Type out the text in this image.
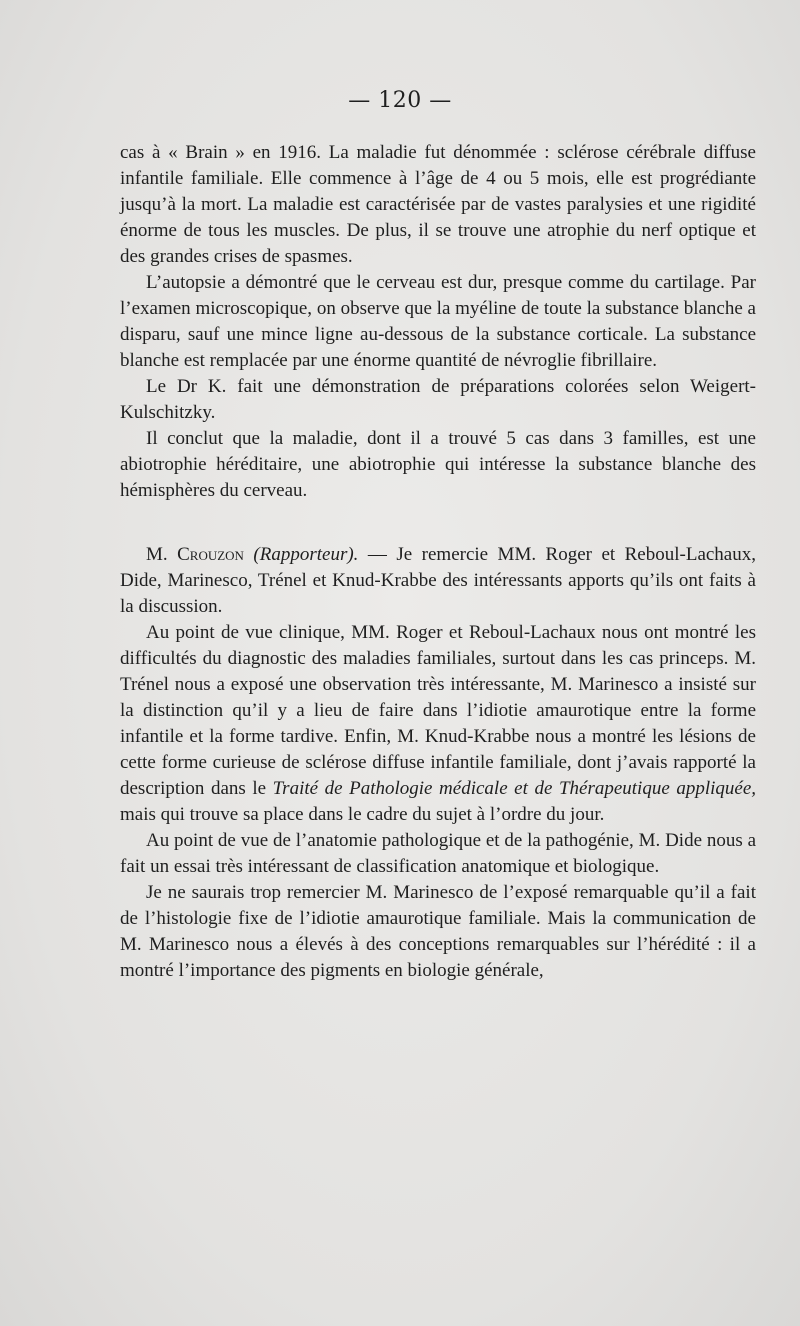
— 120 —

cas à « Brain » en 1916. La maladie fut dénommée : sclérose cérébrale diffuse infantile familiale. Elle commence à l’âge de 4 ou 5 mois, elle est progrédiante jusqu’à la mort. La maladie est caractérisée par de vastes paralysies et une rigidité énorme de tous les muscles. De plus, il se trouve une atrophie du nerf optique et des grandes crises de spasmes.

L’autopsie a démontré que le cerveau est dur, presque comme du cartilage. Par l’examen microscopique, on observe que la myéline de toute la substance blanche a disparu, sauf une mince ligne au-dessous de la substance corticale. La substance blanche est remplacée par une énorme quantité de névroglie fibrillaire.

Le Dr K. fait une démonstration de préparations colorées selon Weigert-Kulschitzky.

Il conclut que la maladie, dont il a trouvé 5 cas dans 3 familles, est une abiotrophie héréditaire, une abiotrophie qui intéresse la substance blanche des hémisphères du cerveau.

M. Crouzon (Rapporteur). — Je remercie MM. Roger et Reboul-Lachaux, Dide, Marinesco, Trénel et Knud-Krabbe des intéressants apports qu’ils ont faits à la discussion.

Au point de vue clinique, MM. Roger et Reboul-Lachaux nous ont montré les difficultés du diagnostic des maladies familiales, surtout dans les cas princeps. M. Trénel nous a exposé une observation très intéressante, M. Marinesco a insisté sur la distinction qu’il y a lieu de faire dans l’idiotie amaurotique entre la forme infantile et la forme tardive. Enfin, M. Knud-Krabbe nous a montré les lésions de cette forme curieuse de sclérose diffuse infantile familiale, dont j’avais rapporté la description dans le Traité de Pathologie médicale et de Thérapeutique appliquée, mais qui trouve sa place dans le cadre du sujet à l’ordre du jour.

Au point de vue de l’anatomie pathologique et de la pathogénie, M. Dide nous a fait un essai très intéressant de classification anatomique et biologique.

Je ne saurais trop remercier M. Marinesco de l’exposé remarquable qu’il a fait de l’histologie fixe de l’idiotie amaurotique familiale. Mais la communication de M. Marinesco nous a élevés à des conceptions remarquables sur l’hérédité : il a montré l’importance des pigments en biologie générale,
